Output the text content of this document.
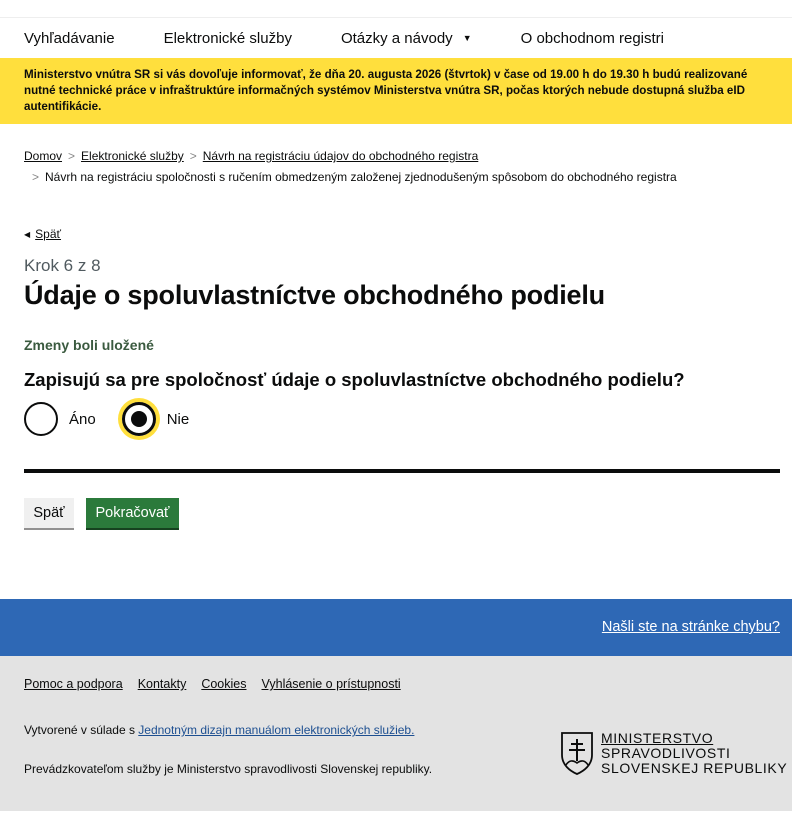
Vyhľadávanie	Elektronické služby	Otázky a návody ▼	O obchodnom registri
Ministerstvo vnútra SR si vás dovoľuje informovať, že dňa 20. augusta 2026 (štvrtok) v čase od 19.00 h do 19.30 h budú realizované nutné technické práce v infraštruktúre informačných systémov Ministerstva vnútra SR, počas ktorých nebude dostupná služba eID autentifikácie.
Domov > Elektronické služby > Návrh na registráciu údajov do obchodného registra
> Návrh na registráciu spoločnosti s ručením obmedzeným založenej zjednodušeným spôsobom do obchodného registra
◀ Späť
Krok 6 z 8
Údaje o spoluvlastníctve obchodného podielu
Zmeny boli uložené
Zapisujú sa pre spoločnosť údaje o spoluvlastníctve obchodného podielu?
Áno	Nie
Späť	Pokračovať
Našli ste na stránke chybu?
Pomoc a podpora Kontakty Cookies Vyhlásenie o prístupnosti
Vytvorené v súlade s Jednotným dizajn manuálom elektronických služieb.
Prevádzkovateľom služby je Ministerstvo spravodlivosti Slovenskej republiky.
MINISTERSTVO
SPRAVODLIVOSTI
SLOVENSKEJ REPUBLIKY
